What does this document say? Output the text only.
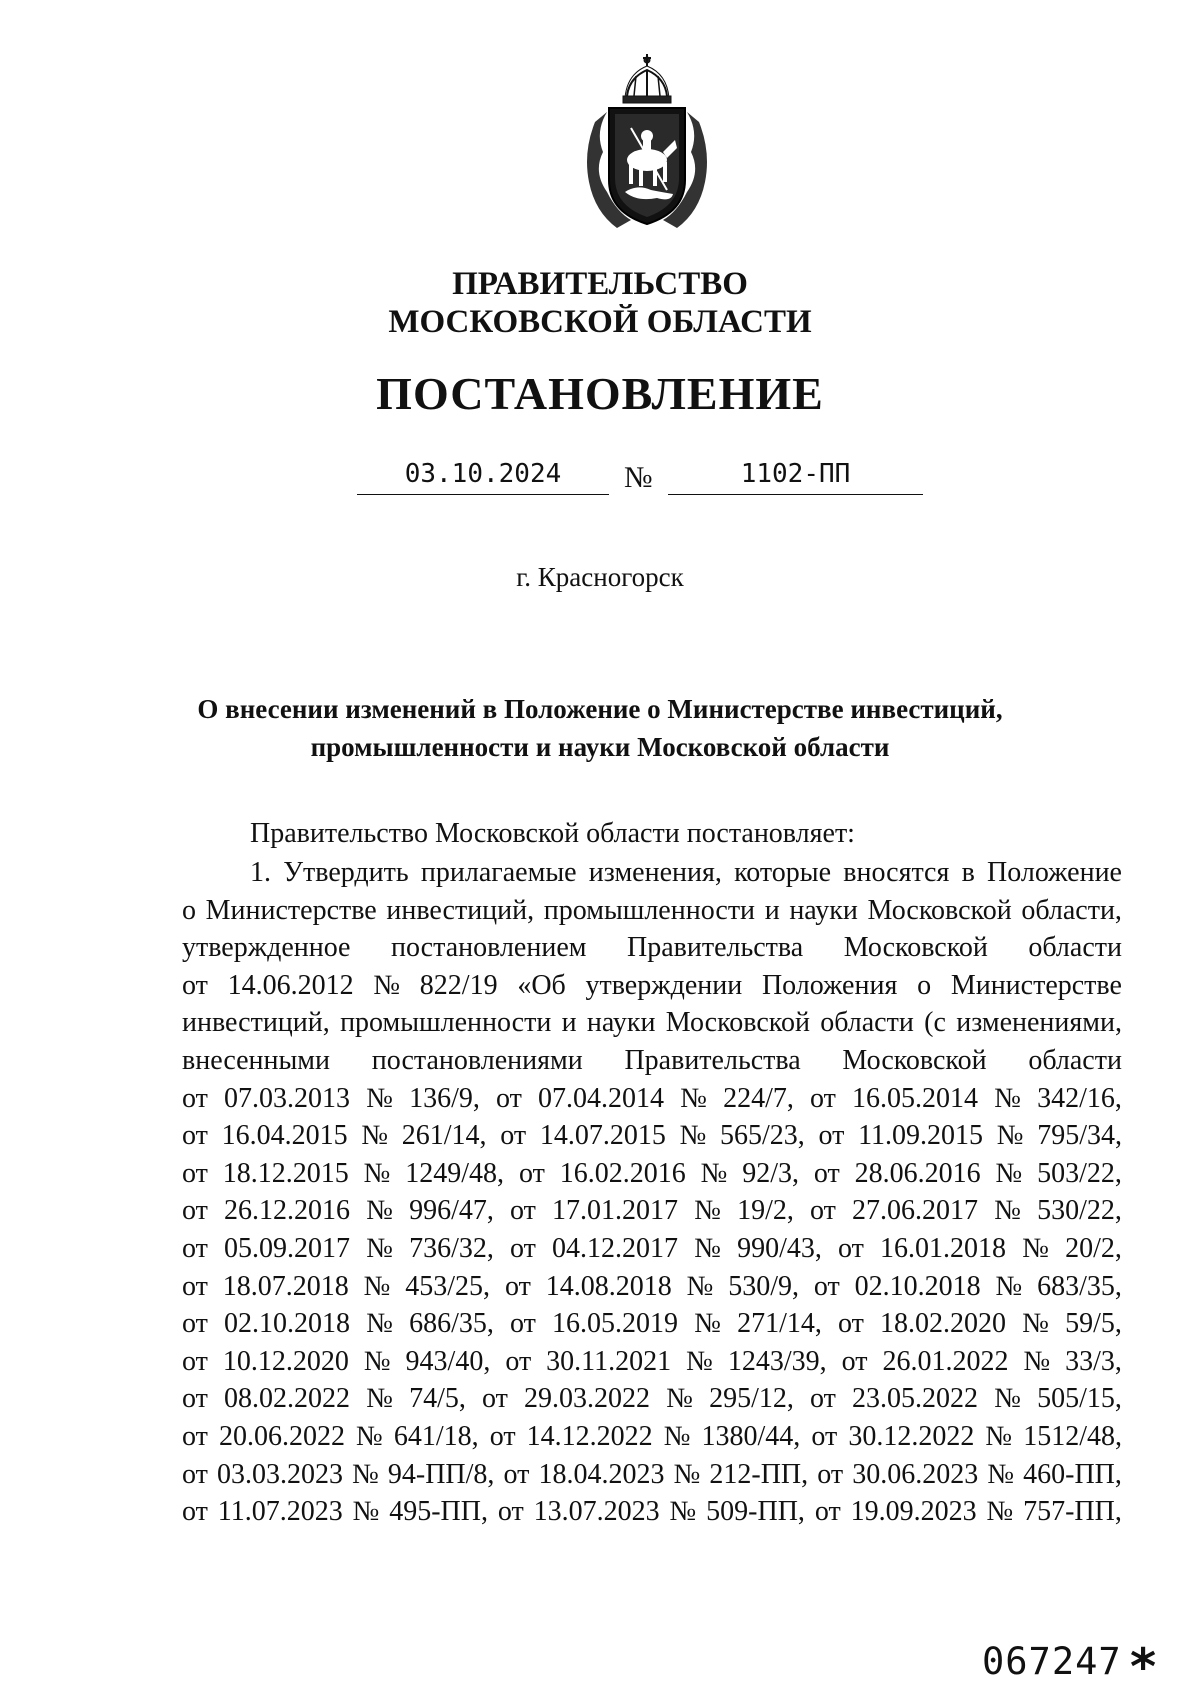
ПРАВИТЕЛЬСТВО
МОСКОВСКОЙ ОБЛАСТИ
ПОСТАНОВЛЕНИЕ
03.10.2024	№	1102-ПП
г. Красногорск
О внесении изменений в Положение о Министерстве инвестиций,
промышленности и науки Московской области
Правительство Московской области постановляет:
1. Утвердить прилагаемые изменения, которые вносятся в Положение
о Министерстве инвестиций, промышленности и науки Московской области,
утвержденное постановлением Правительства Московской области
от 14.06.2012 № 822/19 «Об утверждении Положения о Министерстве
инвестиций, промышленности и науки Московской области (с изменениями,
внесенными постановлениями Правительства Московской области
от 07.03.2013 № 136/9, от 07.04.2014 № 224/7, от 16.05.2014 № 342/16,
от 16.04.2015 № 261/14, от 14.07.2015 № 565/23, от 11.09.2015 № 795/34,
от 18.12.2015 № 1249/48, от 16.02.2016 № 92/3, от 28.06.2016 № 503/22,
от 26.12.2016 № 996/47, от 17.01.2017 № 19/2, от 27.06.2017 № 530/22,
от 05.09.2017 № 736/32, от 04.12.2017 № 990/43, от 16.01.2018 № 20/2,
от 18.07.2018 № 453/25, от 14.08.2018 № 530/9, от 02.10.2018 № 683/35,
от 02.10.2018 № 686/35, от 16.05.2019 № 271/14, от 18.02.2020 № 59/5,
от 10.12.2020 № 943/40, от 30.11.2021 № 1243/39, от 26.01.2022 № 33/3,
от 08.02.2022 № 74/5, от 29.03.2022 № 295/12, от 23.05.2022 № 505/15,
от 20.06.2022 № 641/18, от 14.12.2022 № 1380/44, от 30.12.2022 № 1512/48,
от 03.03.2023 № 94-ПП/8, от 18.04.2023 № 212-ПП, от 30.06.2023 № 460-ПП,
от 11.07.2023 № 495-ПП, от 13.07.2023 № 509-ПП, от 19.09.2023 № 757-ПП,
067247 *
